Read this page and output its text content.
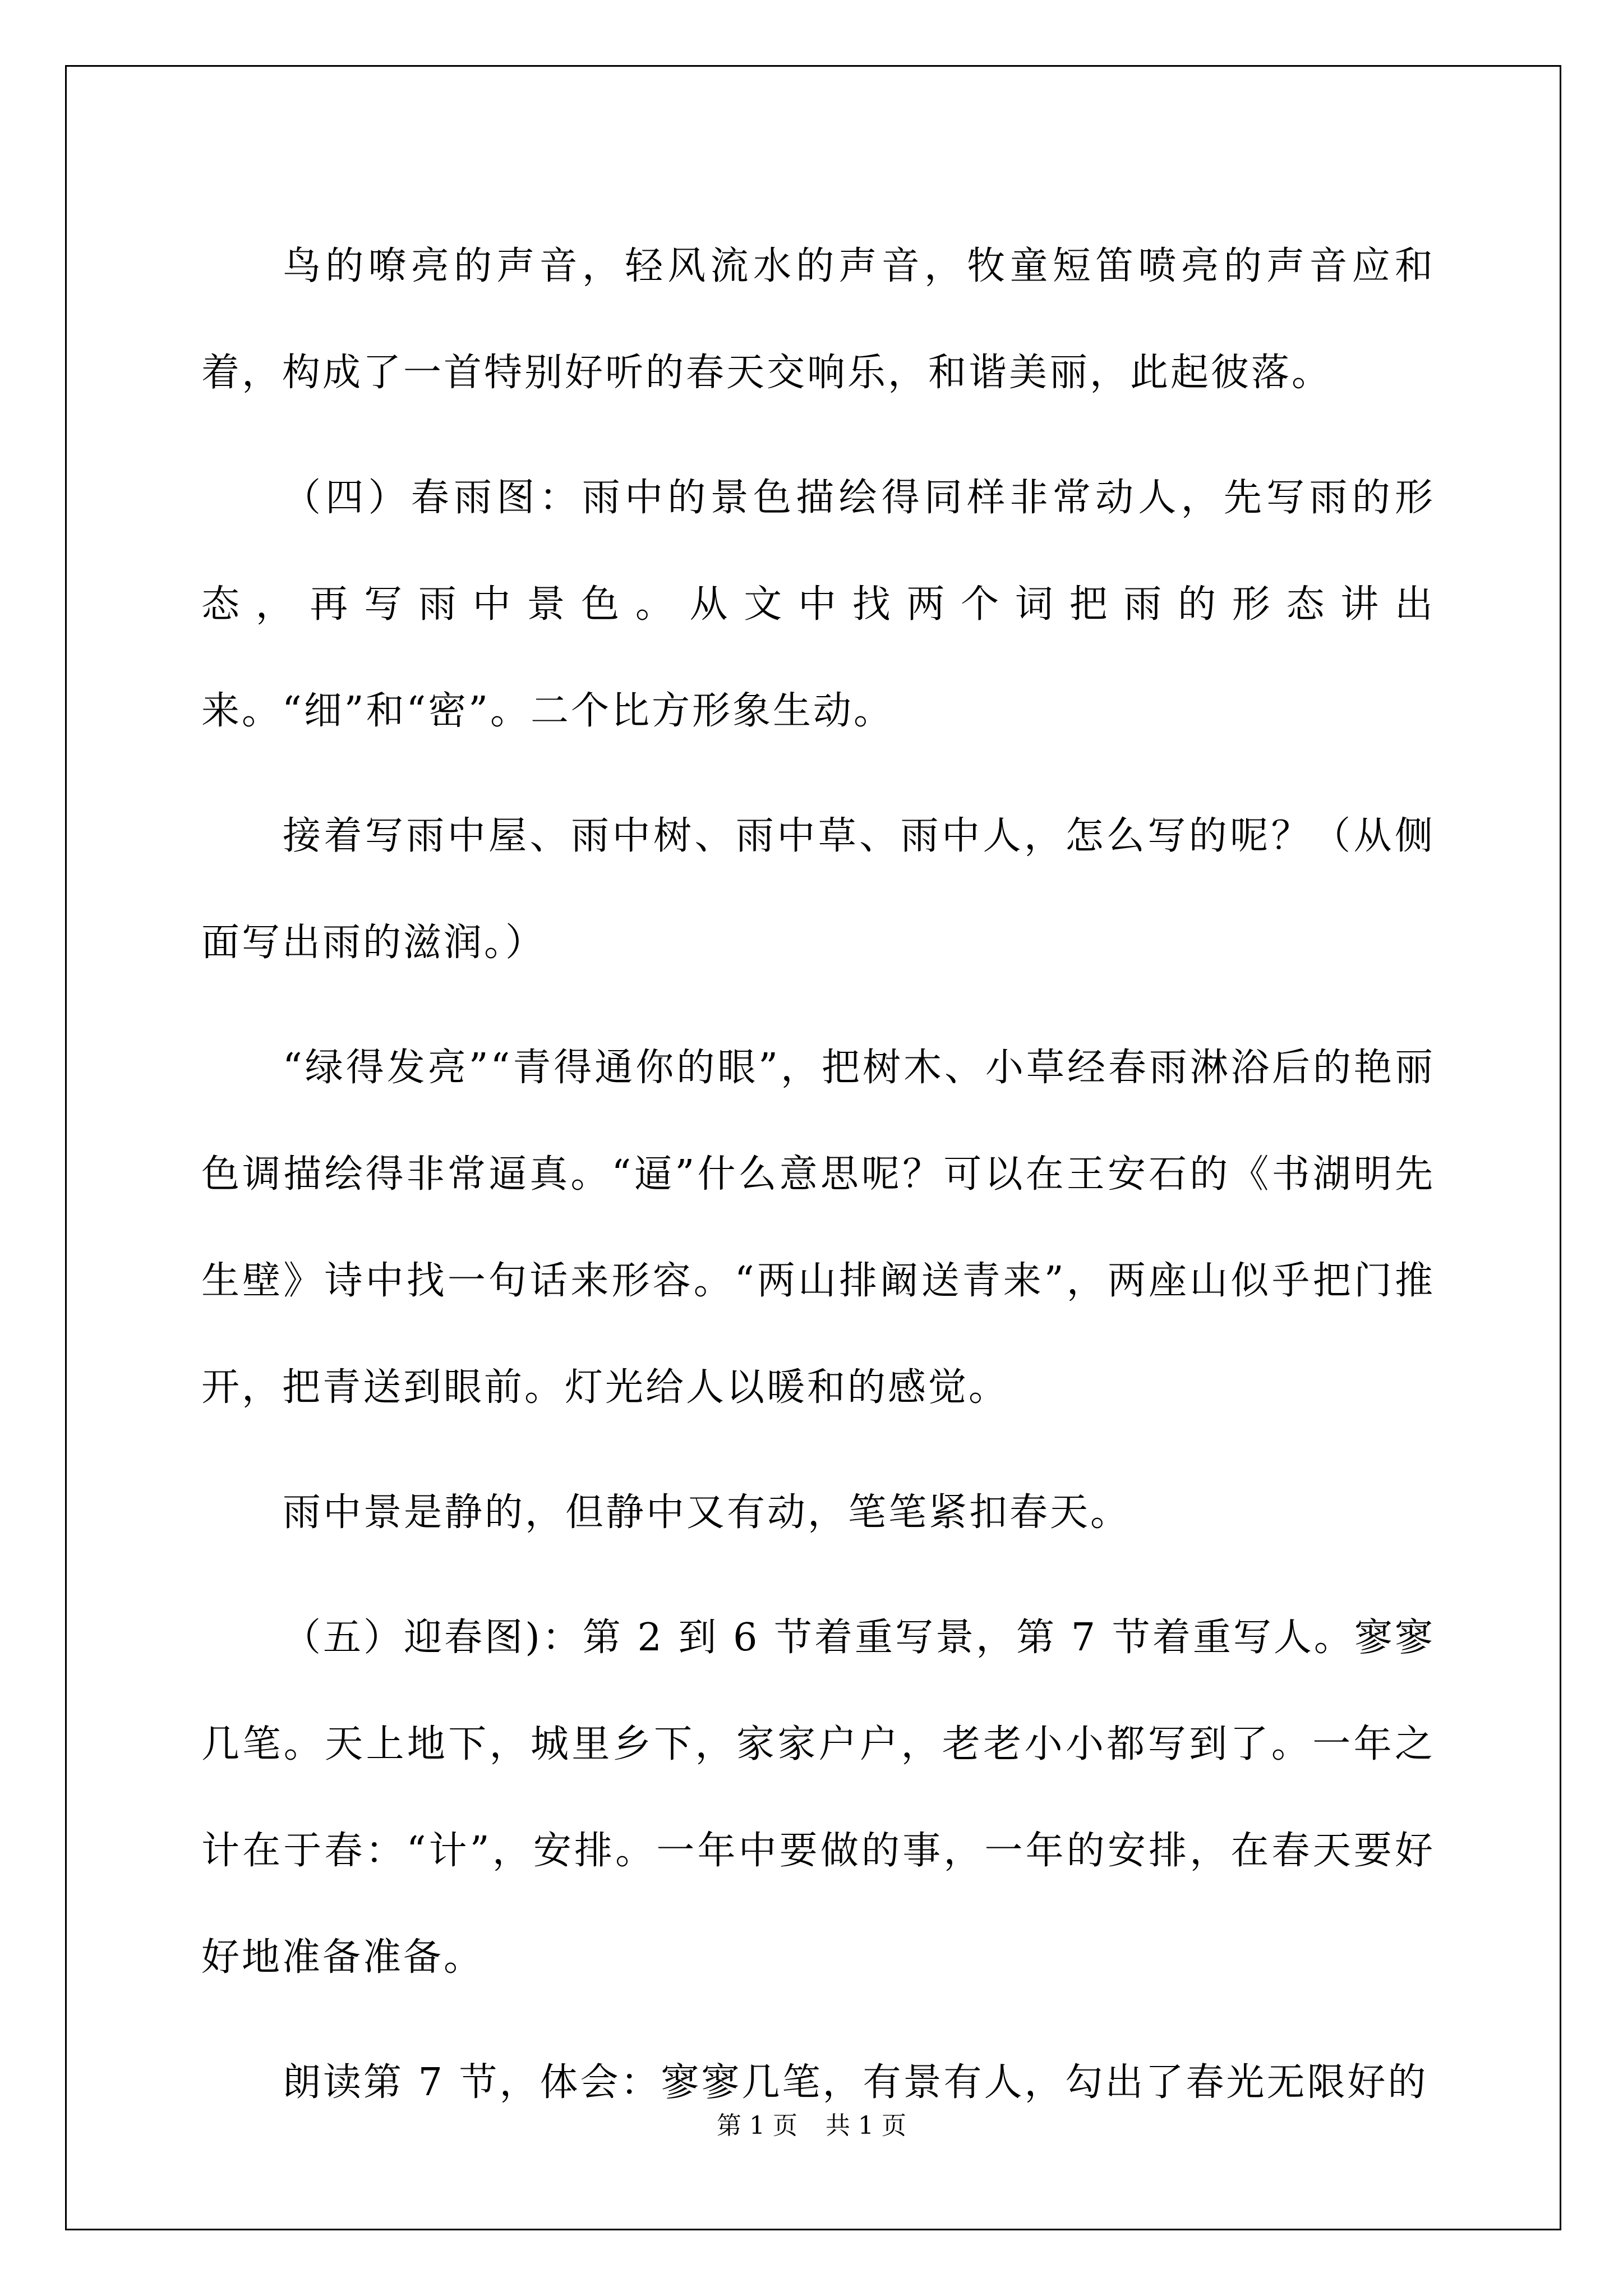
鸟的嘹亮的声音，轻风流水的声音，牧童短笛喷亮的声音应和着，构成了一首特别好听的春天交响乐，和谐美丽，此起彼落。

（四）春雨图：雨中的景色描绘得同样非常动人，先写雨的形态，再写雨中景色。从文中找两个词把雨的形态讲出来。“细”和“密”。二个比方形象生动。

接着写雨中屋、雨中树、雨中草、雨中人，怎么写的呢？（从侧面写出雨的滋润。）

“绿得发亮”“青得通你的眼”，把树木、小草经春雨淋浴后的艳丽色调描绘得非常逼真。“逼”什么意思呢？可以在王安石的《书湖明先生壁》诗中找一句话来形容。“两山排阚送青来”，两座山似乎把门推开，把青送到眼前。灯光给人以暖和的感觉。

雨中景是静的，但静中又有动，笔笔紧扣春天。

（五）迎春图)：第 2 到 6 节着重写景，第 7 节着重写人。寥寥几笔。天上地下，城里乡下，家家户户，老老小小都写到了。一年之计在于春：“计”，安排。一年中要做的事，一年的安排，在春天要好好地准备准备。

朗读第 7 节，体会：寥寥几笔，有景有人，勾出了春光无限好的

第 1 页 共 1 页
